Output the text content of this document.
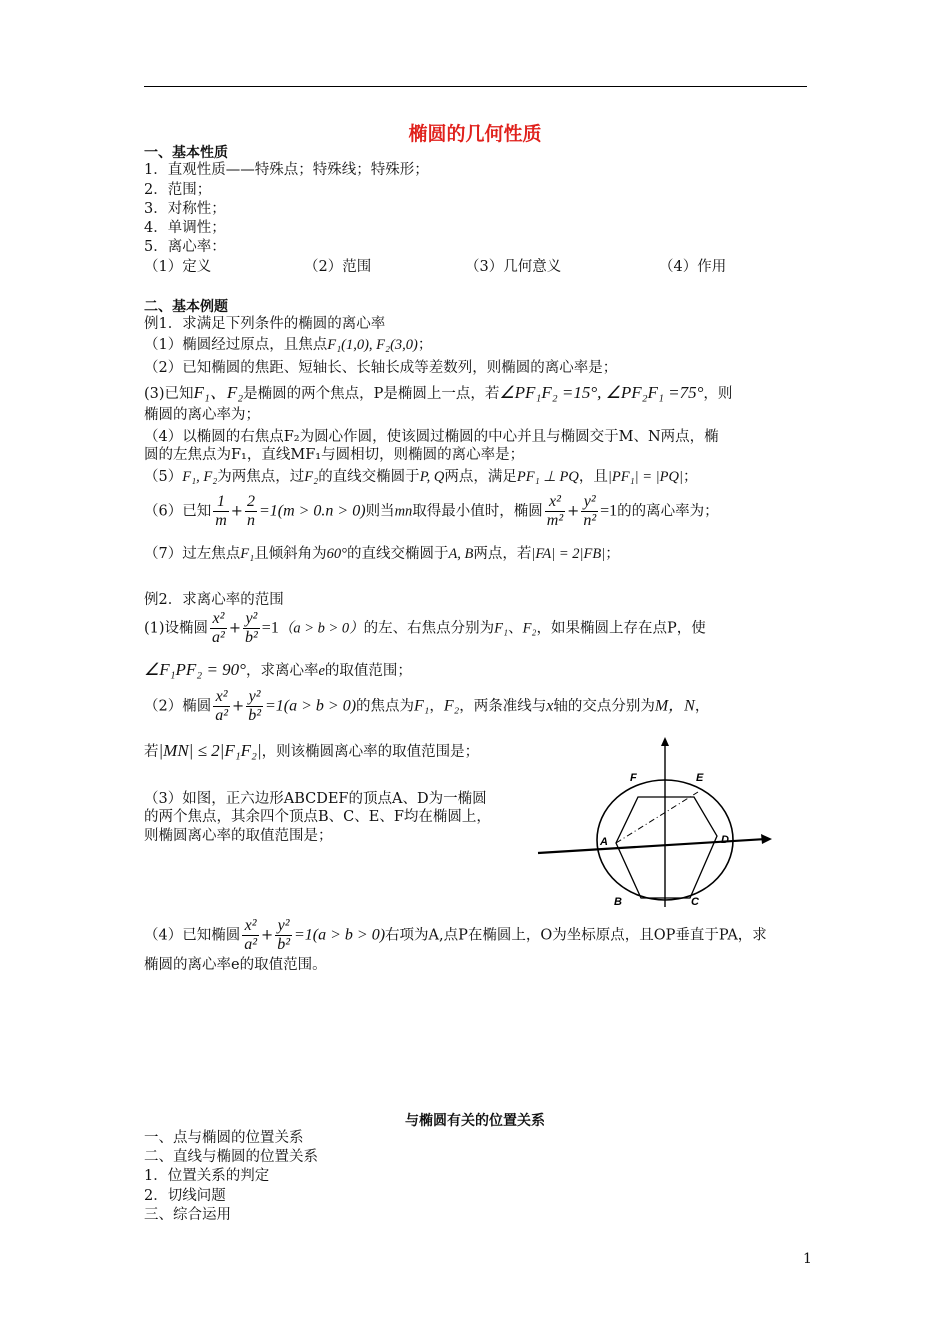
椭圆的几何性质
一、基本性质
1．直观性质——特殊点；特殊线；特殊形；
2．范围；
3．对称性；
4．单调性；
5．离心率：
（1）定义	（2）范围	（3）几何意义	（4）作用
二、基本例题
例1．求满足下列条件的椭圆的离心率
（1）椭圆经过原点，且焦点F₁(1,0), F₂(3,0)；
（2）已知椭圆的焦距、短轴长、长轴长成等差数列，则椭圆的离心率是；
(3)已知F₁、F₂是椭圆的两个焦点，P是椭圆上一点，若∠PF₁F₂ =15°, ∠PF₂F₁ =75°，则
椭圆的离心率为；
（4）以椭圆的右焦点F₂为圆心作圆，使该圆过椭圆的中心并且与椭圆交于M、N两点，椭
圆的左焦点为F₁，直线MF₁与圆相切，则椭圆的离心率是；
（5）F₁, F₂为两焦点，过F₂的直线交椭圆于P, Q两点，满足PF₁ ⊥ PQ，且|PF₁| = |PQ|；
（6）已知 $\frac{1}{m} + \frac{2}{n} =1(m > 0.n > 0)$则当mn取得最小值时，椭圆 $\frac{\text{x²}}{\text{m²}} + \frac{\text{y²}}{\text{n²}} =1$的的离心率为；
（7）过左焦点F₁且倾斜角为60°的直线交椭圆于A, B两点，若|FA| = 2|FB|；
例2．求离心率的范围
(1)设椭圆 $\frac{\text{x²}}{\text{a²}} + \frac{\text{y²}}{\text{b²}} =1(a > b > 0)$的左、右焦点分别为F₁、F₂，如果椭圆上存在点P，使
∠F₁PF₂ = 90°，求离心率e的取值范围；
（2）椭圆 $\frac{\text{x²}}{\text{a²}} + \frac{\text{y²}}{\text{b²}} =1(a > b > 0)$的焦点为F₁，F₂，两条准线与x轴的交点分别为M，N，
若|MN| ≤ 2|F₁F₂|，则该椭圆离心率的取值范围是；
（3）如图，正六边形ABCDEF的顶点A、D为一椭圆
的两个焦点，其余四个顶点B、C、E、F均在椭圆上，
则椭圆离心率的取值范围是；
F	E
A	D
B	C
（4）已知椭圆 $\frac{\text{x²}}{\text{a²}} + \frac{\text{y²}}{\text{b²}} =1(a > b > 0)$右项为A,点P在椭圆上，O为坐标原点，且OP垂直于PA，求
椭圆的离心率e的取值范围。
与椭圆有关的位置关系
一、点与椭圆的位置关系
二、直线与椭圆的位置关系
1．位置关系的判定
2．切线问题
三、综合运用
1
